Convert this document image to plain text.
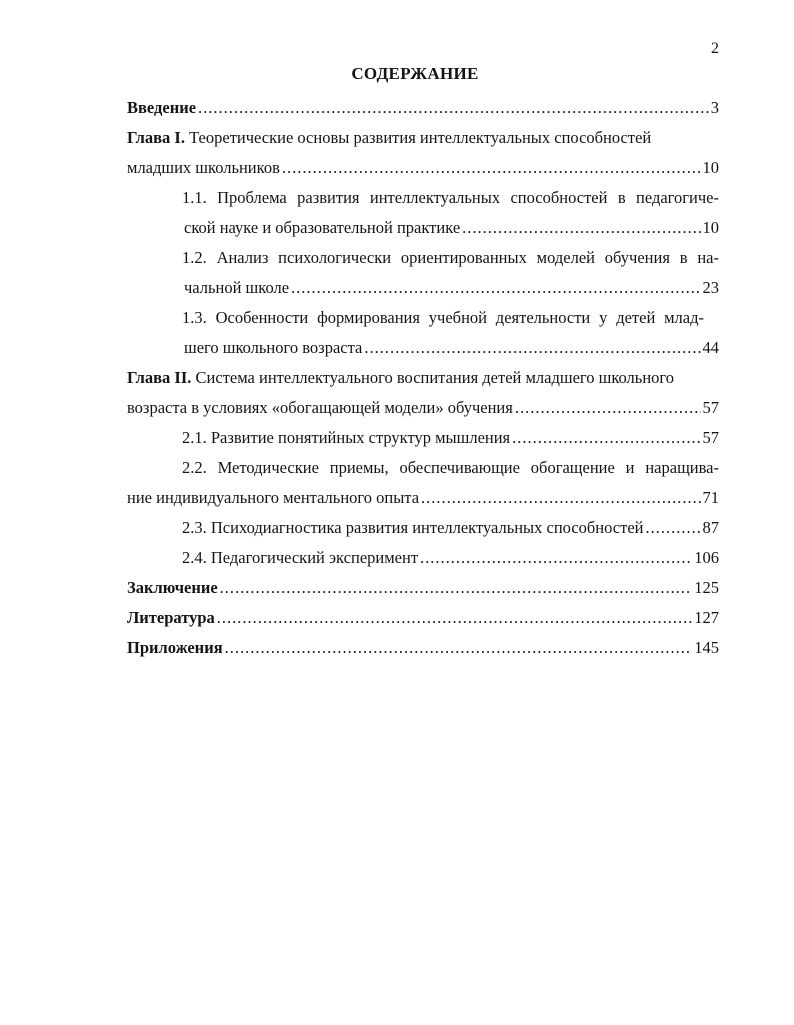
2
СОДЕРЖАНИЕ
Введение .....	3
Глава I. Теоретические основы развития интеллектуальных способностей
младших школьников .....	10
1.1. Проблема развития интеллектуальных способностей в педагогиче-
ской науке и образовательной практике .....	10
1.2. Анализ психологически ориентированных моделей обучения в на-
чальной школе .....	23
1.3. Особенности формирования учебной деятельности у детей млад-
шего школьного возраста .....	44
Глава II. Система интеллектуального воспитания детей младшего школьного
возраста в условиях «обогащающей модели» обучения .....	57
2.1. Развитие понятийных структур мышления .....	57
2.2. Методические приемы, обеспечивающие обогащение и наращива-
ние индивидуального ментального опыта .....	71
2.3. Психодиагностика развития интеллектуальных способностей .....	87
2.4. Педагогический эксперимент .....	106
Заключение .....	125
Литература .....	127
Приложения .....	145
